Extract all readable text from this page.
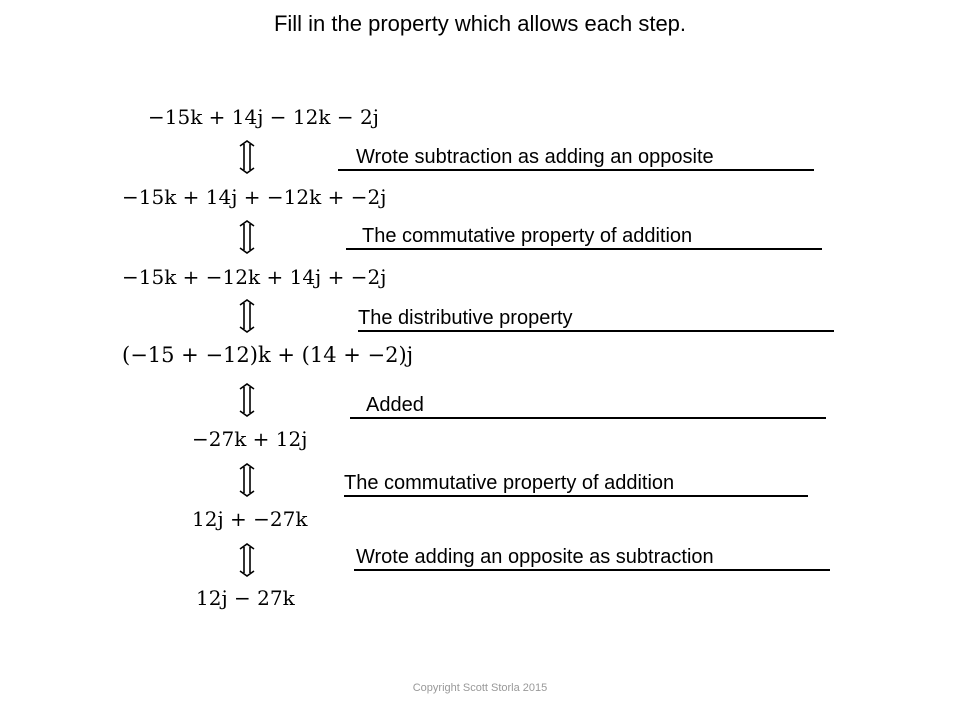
Fill in the property which allows each step.
−15k + 14j − 12k − 2j
−15k + 14j + −12k + −2j
−15k + −12k + 14j + −2j
(−15 + −12)k + (14 + −2)j
−27k + 12j
12j + −27k
12j − 27k
Wrote subtraction as adding an opposite
The commutative property of addition
The distributive property
Added
The commutative property of addition
Wrote adding an opposite as subtraction
Copyright Scott Storla 2015
